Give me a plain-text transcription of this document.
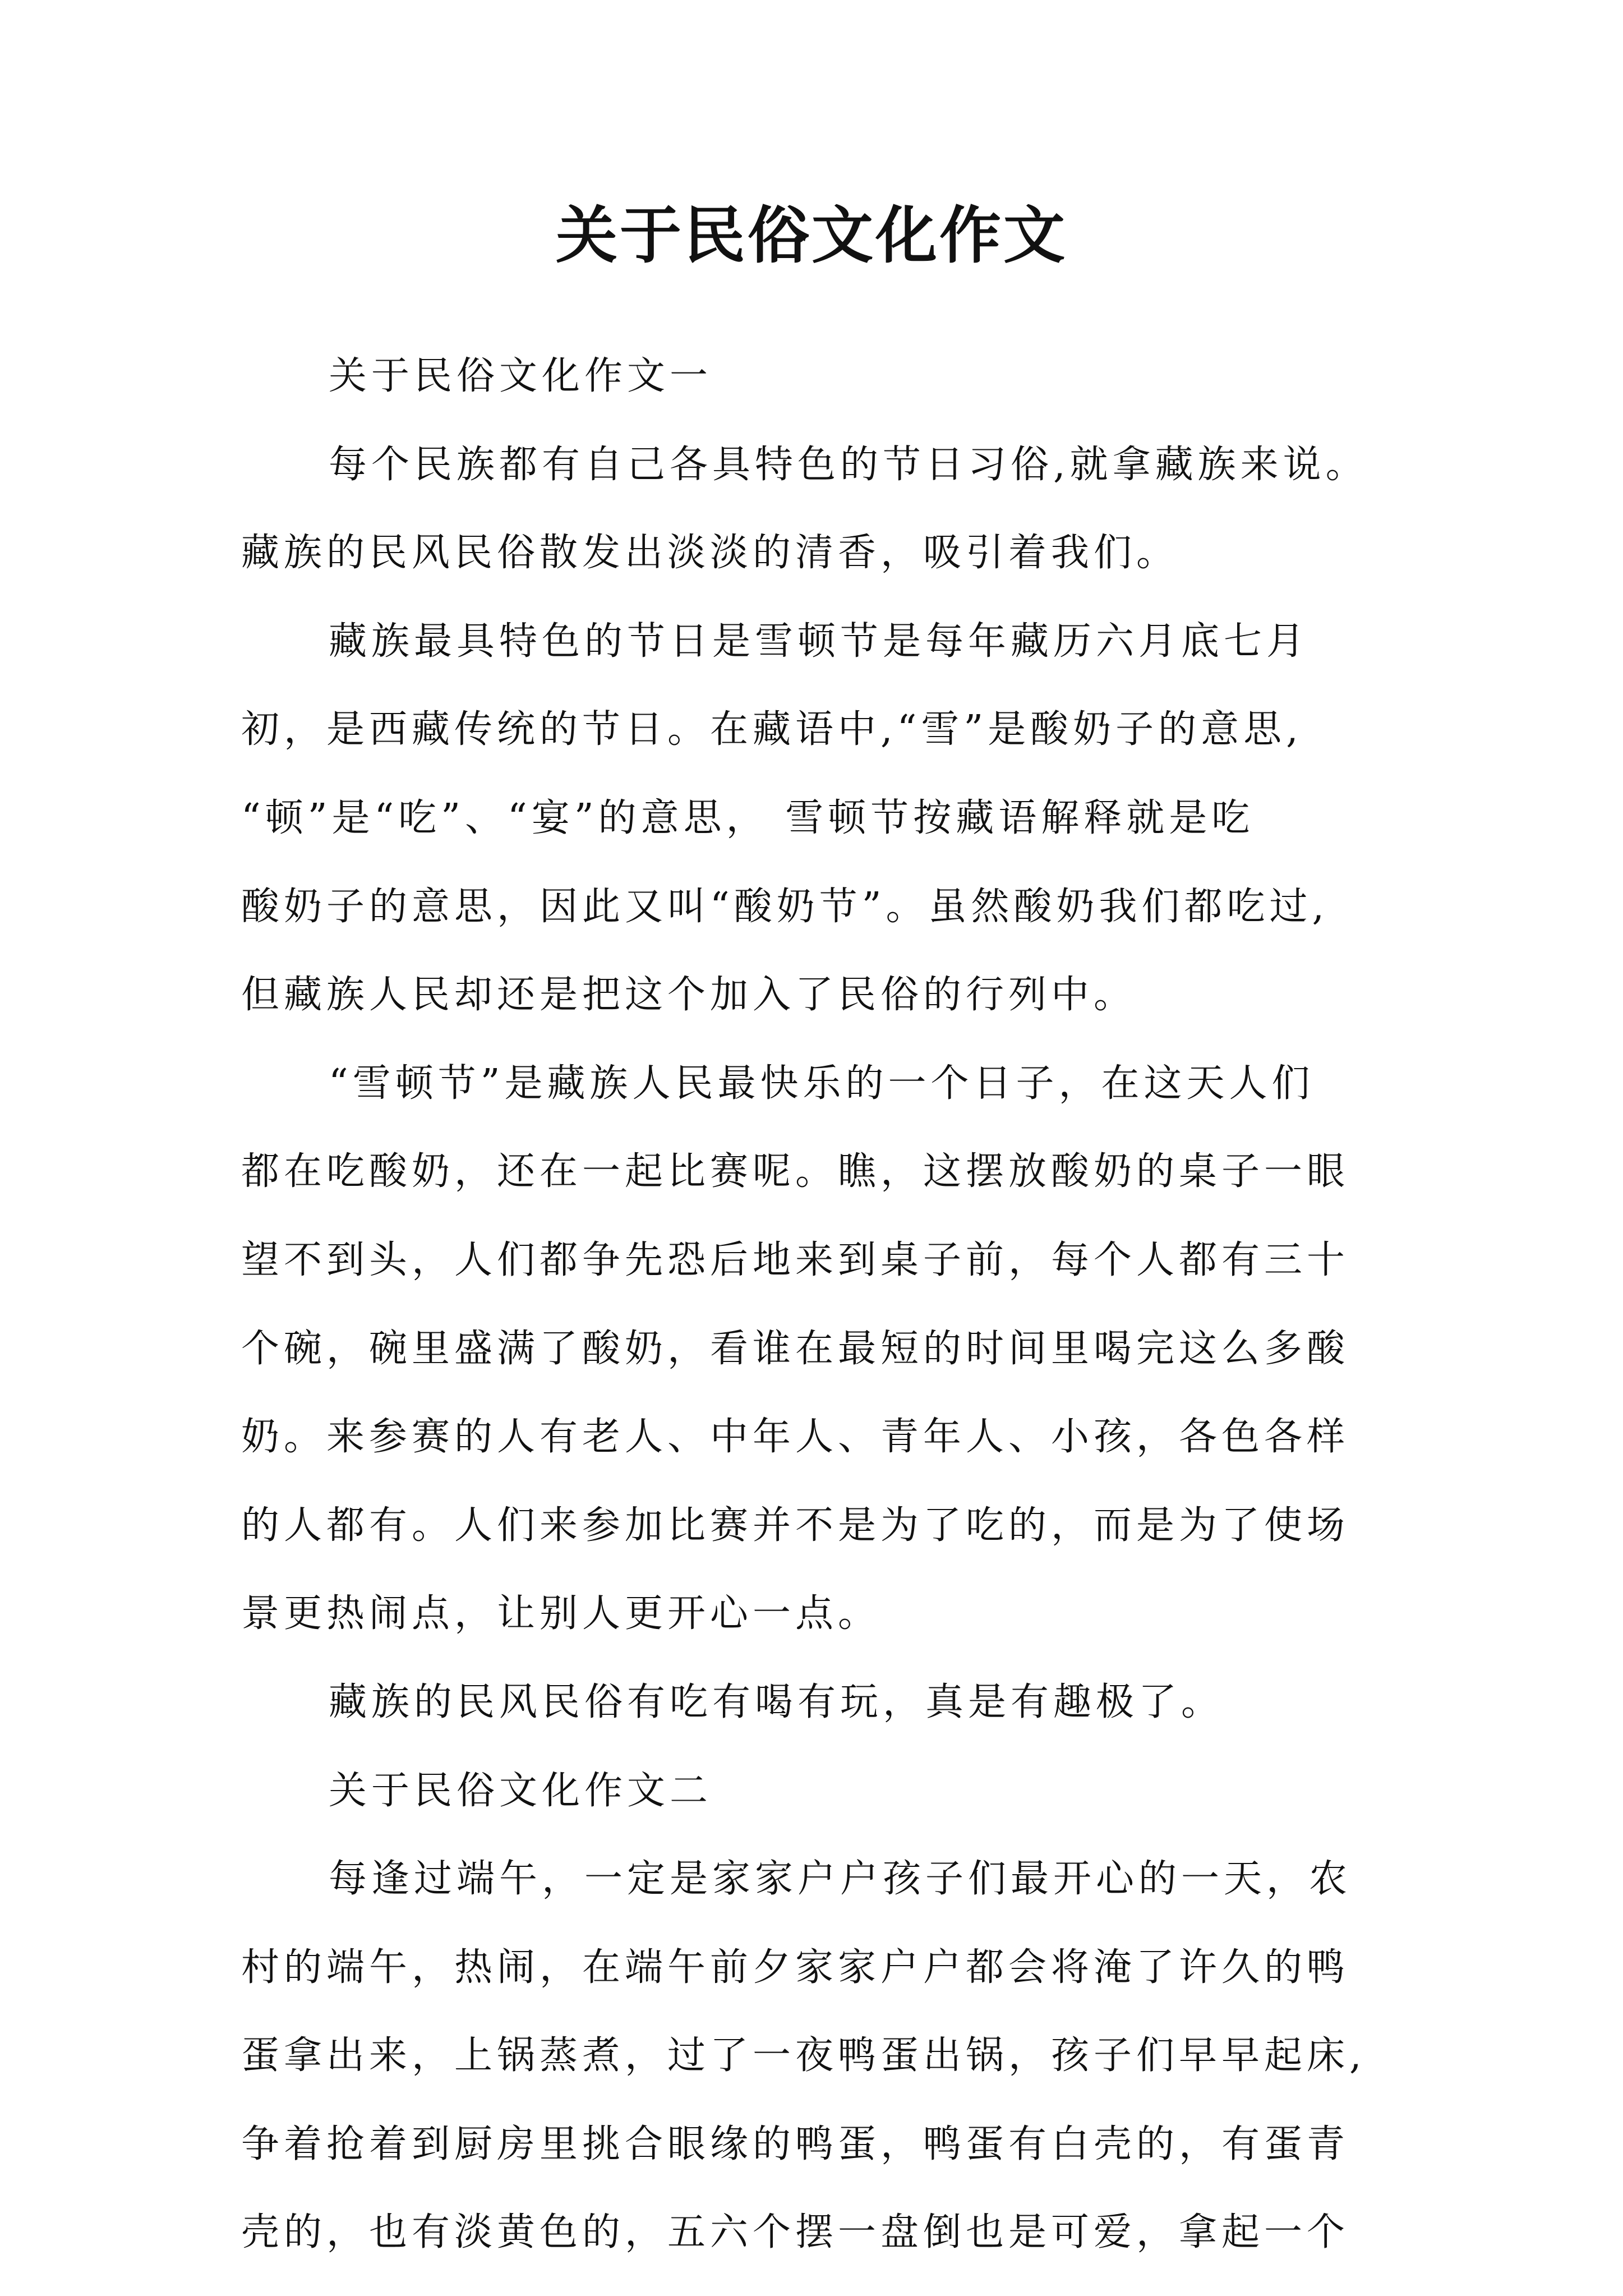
关于民俗文化作文
关于民俗文化作文一
每个民族都有自己各具特色的节日习俗,就拿藏族来说。
藏族的民风民俗散发出淡淡的清香，吸引着我们。
藏族最具特色的节日是雪顿节是每年藏历六月底七月
初，是西藏传统的节日。在藏语中,“雪”是酸奶子的意思,
“顿”是“吃”、“宴”的意思， 雪顿节按藏语解释就是吃
酸奶子的意思，因此又叫“酸奶节”。虽然酸奶我们都吃过,
但藏族人民却还是把这个加入了民俗的行列中。
“雪顿节”是藏族人民最快乐的一个日子，在这天人们
都在吃酸奶，还在一起比赛呢。瞧，这摆放酸奶的桌子一眼
望不到头，人们都争先恐后地来到桌子前，每个人都有三十
个碗，碗里盛满了酸奶，看谁在最短的时间里喝完这么多酸
奶。来参赛的人有老人、中年人、青年人、小孩，各色各样
的人都有。人们来参加比赛并不是为了吃的，而是为了使场
景更热闹点，让别人更开心一点。
藏族的民风民俗有吃有喝有玩，真是有趣极了。
关于民俗文化作文二
每逢过端午，一定是家家户户孩子们最开心的一天，农
村的端午，热闹，在端午前夕家家户户都会将淹了许久的鸭
蛋拿出来，上锅蒸煮，过了一夜鸭蛋出锅，孩子们早早起床,
争着抢着到厨房里挑合眼缘的鸭蛋，鸭蛋有白壳的，有蛋青
壳的，也有淡黄色的，五六个摆一盘倒也是可爱，拿起一个
